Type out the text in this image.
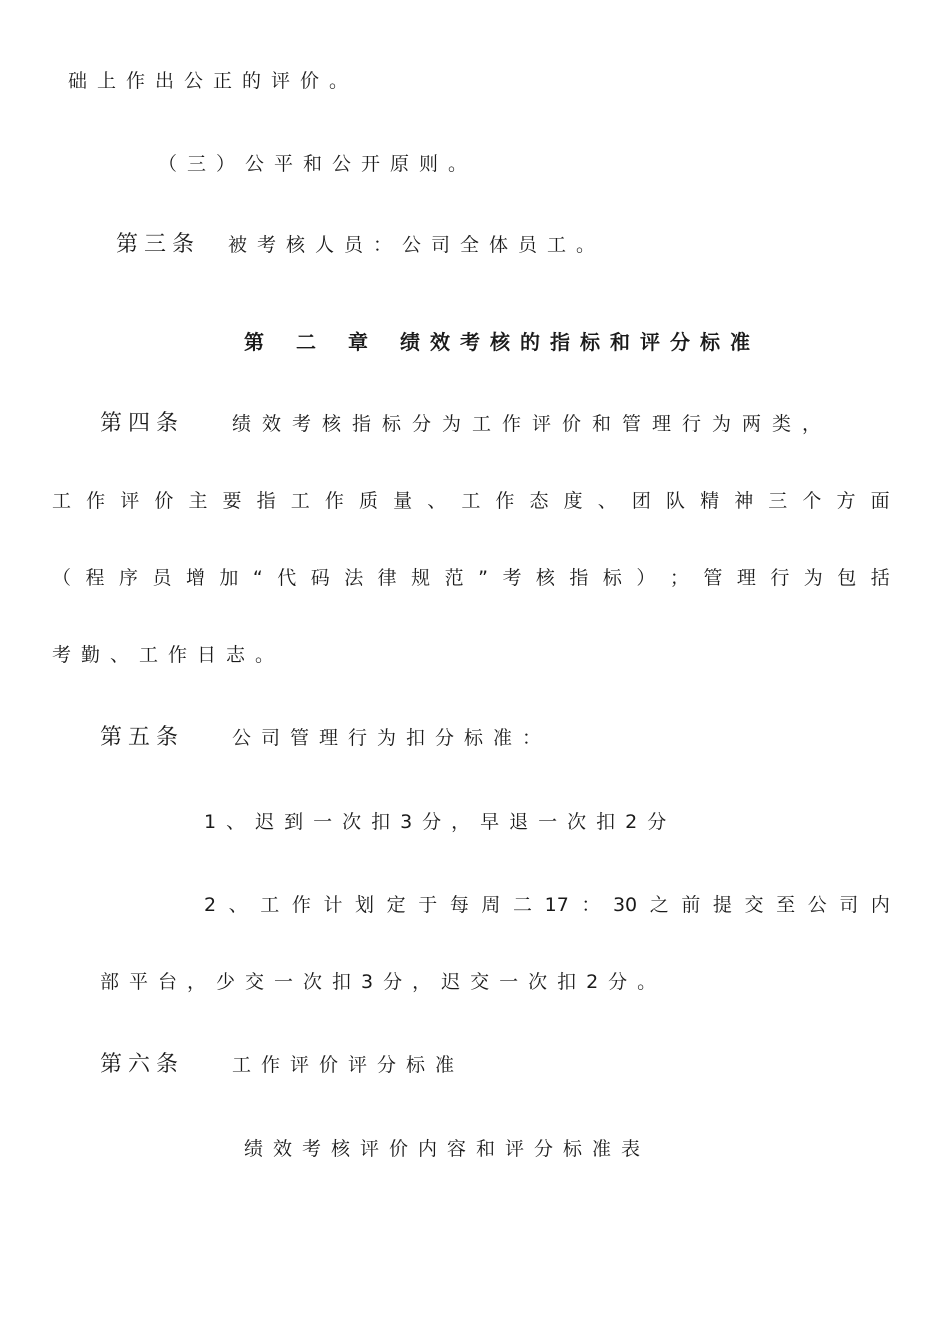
础上作出公正的评价。
（三）公平和公开原则。
第三条 被考核人员：公司全体员工。
第 二 章 绩效考核的指标和评分标准
第四条	绩效考核指标分为工作评价和管理行为两类，
工 作 评 价 主 要 指 工 作 质 量 、 工 作 态 度 、 团 队 精 神 三 个 方 面
（ 程 序 员 增 加 “ 代 码 法 律 规 范 ” 考 核 指 标 ） ； 管 理 行 为 包 括
考勤、工作日志。
第五条	公司管理行为扣分标准：
1、迟到一次扣3分，早退一次扣2分
2 、 工 作 计 划 定 于 每 周 二 17 ： 30 之 前 提 交 至 公 司 内
部平台，少交一次扣3分，迟交一次扣2分。
第六条	工作评价评分标准
绩效考核评价内容和评分标准表
